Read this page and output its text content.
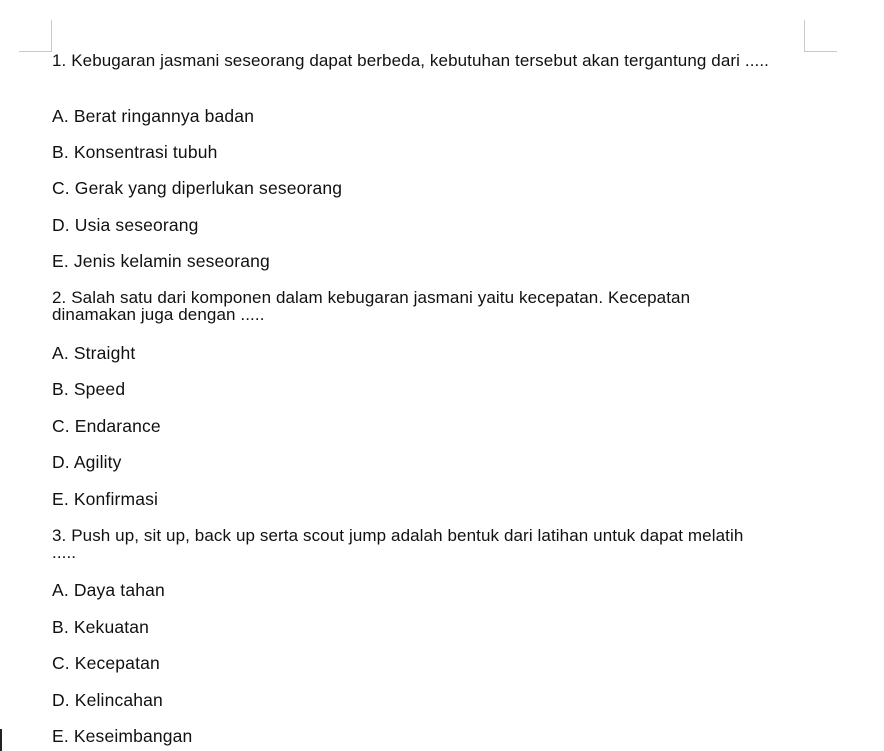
1. Kebugaran jasmani seseorang dapat berbeda, kebutuhan tersebut akan tergantung dari .....

A. Berat ringannya badan
B. Konsentrasi tubuh
C. Gerak yang diperlukan seseorang
D. Usia seseorang
E. Jenis kelamin seseorang

2. Salah satu dari komponen dalam kebugaran jasmani yaitu kecepatan. Kecepatan dinamakan juga dengan .....

A. Straight
B. Speed
C. Endarance
D. Agility
E. Konfirmasi

3. Push up, sit up, back up serta scout jump adalah bentuk dari latihan untuk dapat melatih .....

A. Daya tahan
B. Kekuatan
C. Kecepatan
D. Kelincahan
E. Keseimbangan
